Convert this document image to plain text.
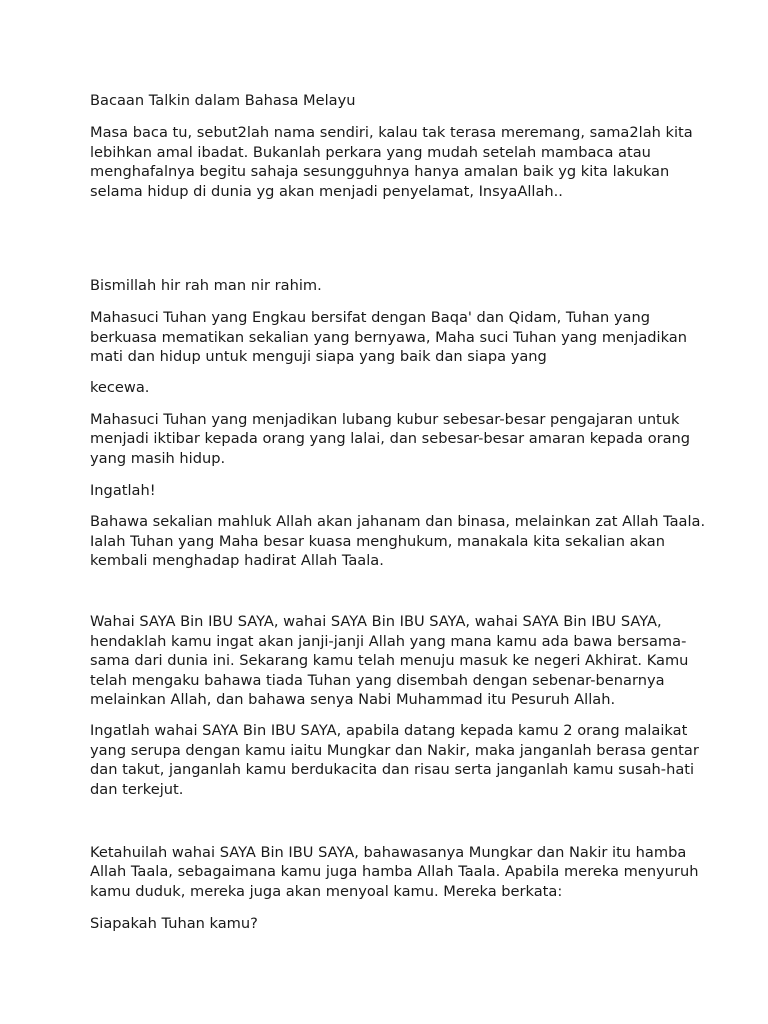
Bacaan Talkin dalam Bahasa Melayu
Masa baca tu, sebut2lah nama sendiri, kalau tak terasa meremang, sama2lah kita
lebihkan amal ibadat. Bukanlah perkara yang mudah setelah mambaca atau
menghafalnya begitu sahaja sesungguhnya hanya amalan baik yg kita lakukan
selama hidup di dunia yg akan menjadi penyelamat, InsyaAllah..
Bismillah hir rah man nir rahim.
Mahasuci Tuhan yang Engkau bersifat dengan Baqa' dan Qidam, Tuhan yang
berkuasa mematikan sekalian yang bernyawa, Maha suci Tuhan yang menjadikan
mati dan hidup untuk menguji siapa yang baik dan siapa yang
kecewa.
Mahasuci Tuhan yang menjadikan lubang kubur sebesar-besar pengajaran untuk
menjadi iktibar kepada orang yang lalai, dan sebesar-besar amaran kepada orang
yang masih hidup.
Ingatlah!
Bahawa sekalian mahluk Allah akan jahanam dan binasa, melainkan zat Allah Taala.
Ialah Tuhan yang Maha besar kuasa menghukum, manakala kita sekalian akan
kembali menghadap hadirat Allah Taala.
Wahai SAYA Bin IBU SAYA, wahai SAYA Bin IBU SAYA, wahai SAYA Bin IBU SAYA,
hendaklah kamu ingat akan janji-janji Allah yang mana kamu ada bawa bersama-
sama dari dunia ini. Sekarang kamu telah menuju masuk ke negeri Akhirat. Kamu
telah mengaku bahawa tiada Tuhan yang disembah dengan sebenar-benarnya
melainkan Allah, dan bahawa senya Nabi Muhammad itu Pesuruh Allah.
Ingatlah wahai SAYA Bin IBU SAYA, apabila datang kepada kamu 2 orang malaikat
yang serupa dengan kamu iaitu Mungkar dan Nakir, maka janganlah berasa gentar
dan takut, janganlah kamu berdukacita dan risau serta janganlah kamu susah-hati
dan terkejut.
Ketahuilah wahai SAYA Bin IBU SAYA, bahawasanya Mungkar dan Nakir itu hamba
Allah Taala, sebagaimana kamu juga hamba Allah Taala. Apabila mereka menyuruh
kamu duduk, mereka juga akan menyoal kamu. Mereka berkata:
Siapakah Tuhan kamu?
